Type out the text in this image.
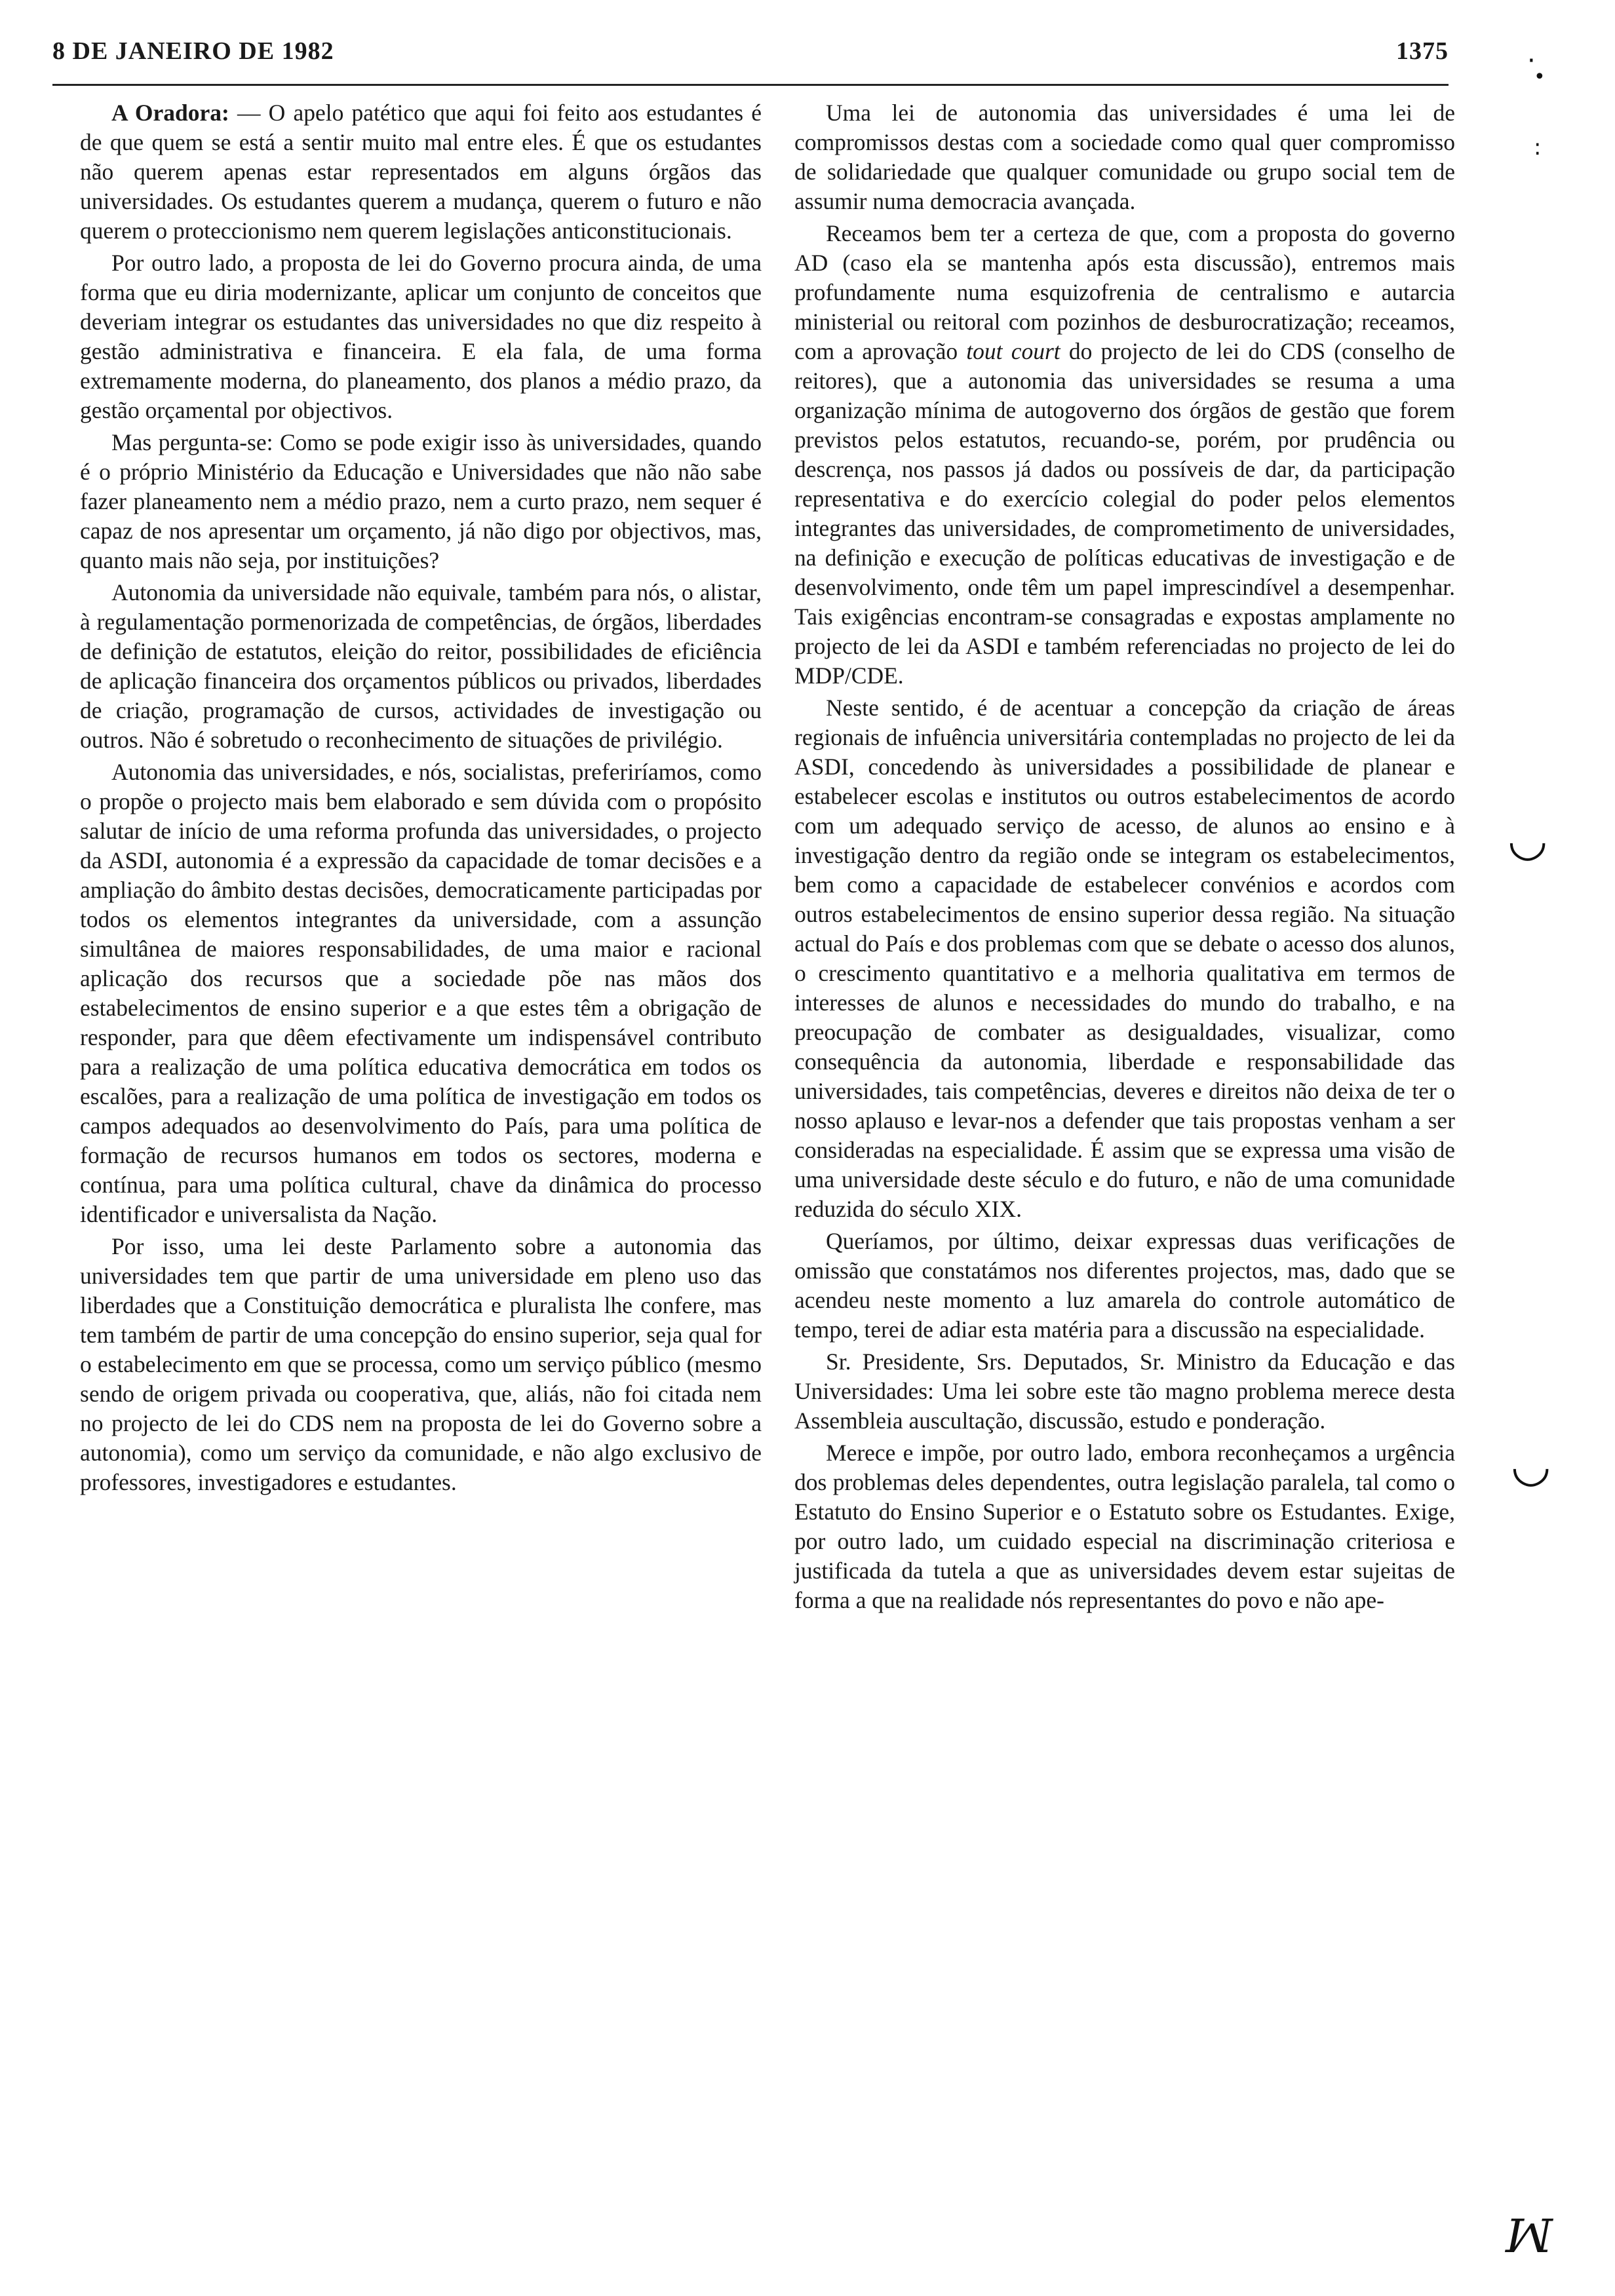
8 DE JANEIRO DE 1982	1375

A Oradora: — O apelo patético que aqui foi feito aos estudantes é de que quem se está a sentir muito mal entre eles. É que os estudantes não querem apenas estar representados em alguns órgãos das universidades. Os estudantes querem a mudança, querem o futuro e não querem o proteccionismo nem querem legislações anticonstitucionais.

Por outro lado, a proposta de lei do Governo procura ainda, de uma forma que eu diria modernizante, aplicar um conjunto de conceitos que deveriam integrar os estudantes das universidades no que diz respeito à gestão administrativa e financeira. E ela fala, de uma forma extremamente moderna, do planeamento, dos planos a médio prazo, da gestão orçamental por objectivos.

Mas pergunta-se: Como se pode exigir isso às universidades, quando é o próprio Ministério da Educação e Universidades que não não sabe fazer planeamento nem a médio prazo, nem a curto prazo, nem sequer é capaz de nos apresentar um orçamento, já não digo por objectivos, mas, quanto mais não seja, por instituições?

Autonomia da universidade não equivale, também para nós, o alistar, à regulamentação pormenorizada de competências, de órgãos, liberdades de definição de estatutos, eleição do reitor, possibilidades de eficiência de aplicação financeira dos orçamentos públicos ou privados, liberdades de criação, programação de cursos, actividades de investigação ou outros. Não é sobretudo o reconhecimento de situações de privilégio.

Autonomia das universidades, e nós, socialistas, preferiríamos, como o propõe o projecto mais bem elaborado e sem dúvida com o propósito salutar de início de uma reforma profunda das universidades, o projecto da ASDI, autonomia é a expressão da capacidade de tomar decisões e a ampliação do âmbito destas decisões, democraticamente participadas por todos os elementos integrantes da universidade, com a assunção simultânea de maiores responsabilidades, de uma maior e racional aplicação dos recursos que a sociedade põe nas mãos dos estabelecimentos de ensino superior e a que estes têm a obrigação de responder, para que dêem efectivamente um indispensável contributo para a realização de uma política educativa democrática em todos os escalões, para a realização de uma política de investigação em todos os campos adequados ao desenvolvimento do País, para uma política de formação de recursos humanos em todos os sectores, moderna e contínua, para uma política cultural, chave da dinâmica do processo identificador e universalista da Nação.

Por isso, uma lei deste Parlamento sobre a autonomia das universidades tem que partir de uma universidade em pleno uso das liberdades que a Constituição democrática e pluralista lhe confere, mas tem também de partir de uma concepção do ensino superior, seja qual for o estabelecimento em que se processa, como um serviço público (mesmo sendo de origem privada ou cooperativa, que, aliás, não foi citada nem no projecto de lei do CDS nem na proposta de lei do Governo sobre a autonomia), como um serviço da comunidade, e não algo exclusivo de professores, investigadores e estudantes.

Uma lei de autonomia das universidades é uma lei de compromissos destas com a sociedade como qual quer compromisso de solidariedade que qualquer comunidade ou grupo social tem de assumir numa democracia avançada.

Receamos bem ter a certeza de que, com a proposta do governo AD (caso ela se mantenha após esta discussão), entremos mais profundamente numa esquizofrenia de centralismo e autarcia ministerial ou reitoral com pozinhos de desburocratização; receamos, com a aprovação tout court do projecto de lei do CDS (conselho de reitores), que a autonomia das universidades se resuma a uma organização mínima de autogoverno dos órgãos de gestão que forem previstos pelos estatutos, recuando-se, porém, por prudência ou descrença, nos passos já dados ou possíveis de dar, da participação representativa e do exercício colegial do poder pelos elementos integrantes das universidades, de comprometimento de universidades, na definição e execução de políticas educativas de investigação e de desenvolvimento, onde têm um papel imprescindível a desempenhar. Tais exigências encontram-se consagradas e expostas amplamente no projecto de lei da ASDI e também referenciadas no projecto de lei do MDP/CDE.

Neste sentido, é de acentuar a concepção da criação de áreas regionais de infuência universitária contempladas no projecto de lei da ASDI, concedendo às universidades a possibilidade de planear e estabelecer escolas e institutos ou outros estabelecimentos de acordo com um adequado serviço de acesso, de alunos ao ensino e à investigação dentro da região onde se integram os estabelecimentos, bem como a capacidade de estabelecer convénios e acordos com outros estabelecimentos de ensino superior dessa região. Na situação actual do País e dos problemas com que se debate o acesso dos alunos, o crescimento quantitativo e a melhoria qualitativa em termos de interesses de alunos e necessidades do mundo do trabalho, e na preocupação de combater as desigualdades, visualizar, como consequência da autonomia, liberdade e responsabilidade das universidades, tais competências, deveres e direitos não deixa de ter o nosso aplauso e levar-nos a defender que tais propostas venham a ser consideradas na especialidade. É assim que se expressa uma visão de uma universidade deste século e do futuro, e não de uma comunidade reduzida do século XIX.

Queríamos, por último, deixar expressas duas verificações de omissão que constatámos nos diferentes projectos, mas, dado que se acendeu neste momento a luz amarela do controle automático de tempo, terei de adiar esta matéria para a discussão na especialidade.

Sr. Presidente, Srs. Deputados, Sr. Ministro da Educação e das Universidades: Uma lei sobre este tão magno problema merece desta Assembleia auscultação, discussão, estudo e ponderação.

Merece e impõe, por outro lado, embora reconheçamos a urgência dos problemas deles dependentes, outra legislação paralela, tal como o Estatuto do Ensino Superior e o Estatuto sobre os Estudantes. Exige, por outro lado, um cuidado especial na discriminação criteriosa e justificada da tutela a que as universidades devem estar sujeitas de forma a que na realidade nós representantes do povo e não ape-

·
•
:
◡
◡
ꟽ
